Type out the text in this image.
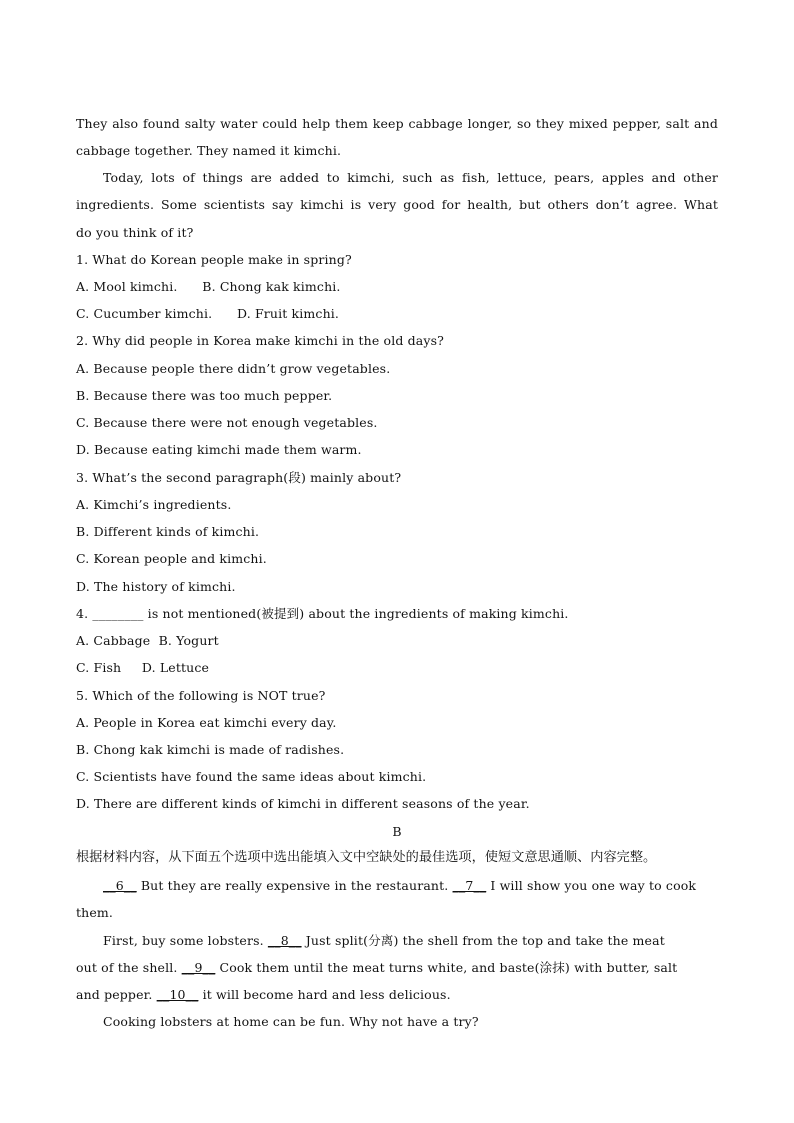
They also found salty water could help them keep cabbage longer, so they mixed pepper, salt and
cabbage together. They named it kimchi.
Today, lots of things are added to kimchi, such as fish, lettuce, pears, apples and other
ingredients. Some scientists say kimchi is very good for health, but others don’t agree. What
do you think of it?
1. What do Korean people make in spring?
A. Mool kimchi.      B. Chong kak kimchi.
C. Cucumber kimchi.      D. Fruit kimchi.
2. Why did people in Korea make kimchi in the old days?
A. Because people there didn’t grow vegetables.
B. Because there was too much pepper.
C. Because there were not enough vegetables.
D. Because eating kimchi made them warm.
3. What’s the second paragraph(段) mainly about?
A. Kimchi’s ingredients.
B. Different kinds of kimchi.
C. Korean people and kimchi.
D. The history of kimchi.
4. ________ is not mentioned(被提到) about the ingredients of making kimchi.
A. Cabbage  B. Yogurt
C. Fish     D. Lettuce
5. Which of the following is NOT true?
A. People in Korea eat kimchi every day.
B. Chong kak kimchi is made of radishes.
C. Scientists have found the same ideas about kimchi.
D. There are different kinds of kimchi in different seasons of the year.
B
根据材料内容，从下面五个选项中选出能填入文中空缺处的最佳选项，使短文意思通顺、内容完整。
__6__ But they are really expensive in the restaurant. __7__ I will show you one way to cook
them.
First, buy some lobsters. __8__ Just split(分离) the shell from the top and take the meat
out of the shell. __9__ Cook them until the meat turns white, and baste(涂抹) with butter, salt
and pepper. __10__ it will become hard and less delicious.
Cooking lobsters at home can be fun. Why not have a try?
